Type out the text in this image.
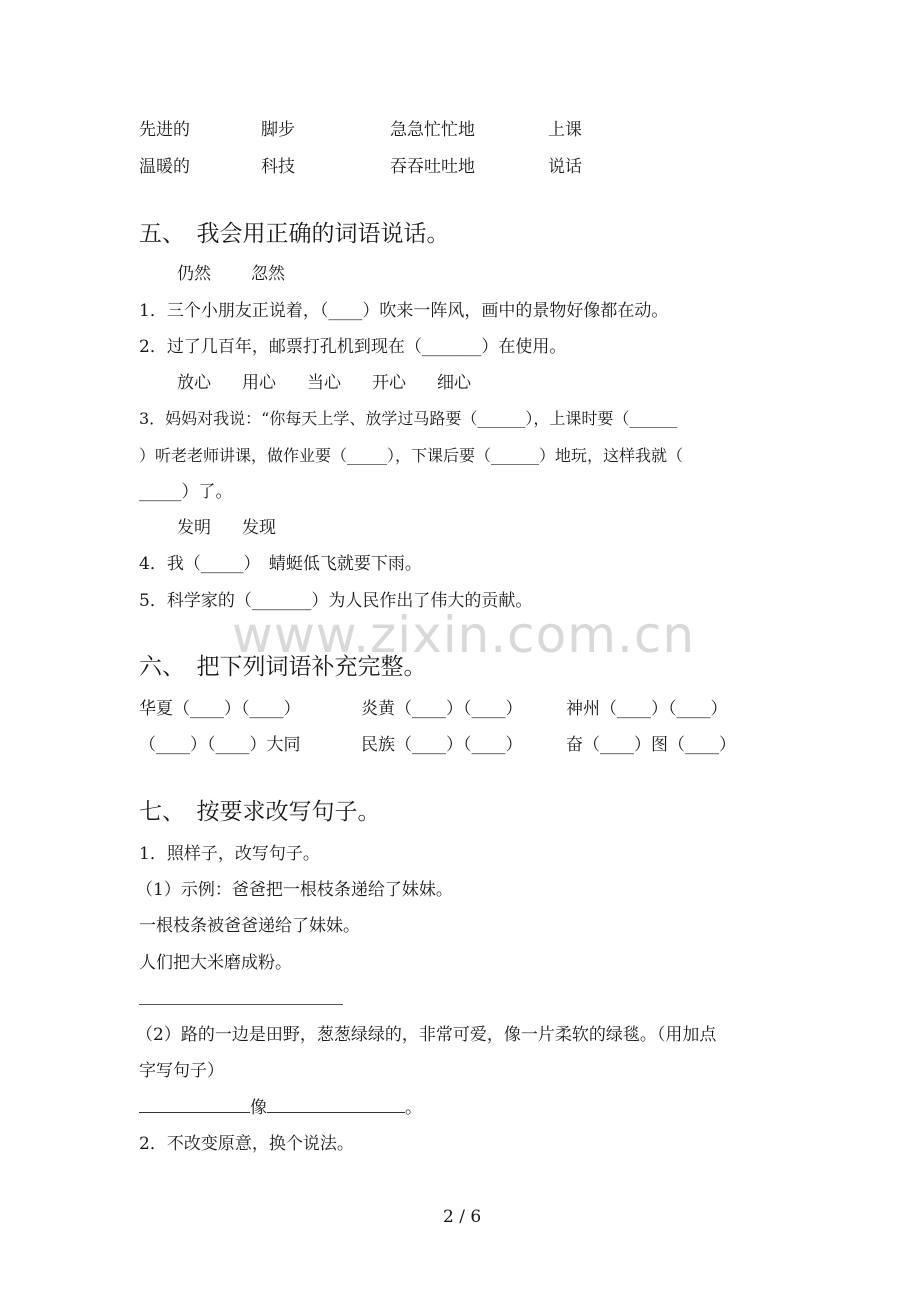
先进的	脚步	急急忙忙地	上课
温暖的	科技	吞吞吐吐地	说话
五、　我会用正确的词语说话。
仍然 忽然
1．三个小朋友正说着，（____）吹来一阵风，画中的景物好像都在动。
2．过了几百年，邮票打孔机到现在（_______）在使用。
放心 用心 当心 开心 细心
3．妈妈对我说：“你每天上学、放学过马路要（______），上课时要（______
）听老老师讲课，做作业要（_____），下课后要（______）地玩，这样我就（
_____）了。
发明 发现
4．我（_____）　蜻蜓低飞就要下雨。
5．科学家的（_______）为人民作出了伟大的贡献。
www.zixin.com.cn
六、　把下列词语补充完整。
华夏（____）（____）	炎黄（____）（____）	神州（____）（____）
（____）（____）大同	民族（____）（____）	奋（____）图（____）
七、　按要求改写句子。
1．照样子，改写句子。
（1）示例：爸爸把一根枝条递给了妹妹。
一根枝条被爸爸递给了妹妹。
人们把大米磨成粉。
（2）路的一边是田野，葱葱绿绿的，非常可爱，像一片柔软的绿毯。（用加点
字写句子）
像	。
2．不改变原意，换个说法。
2 / 6
